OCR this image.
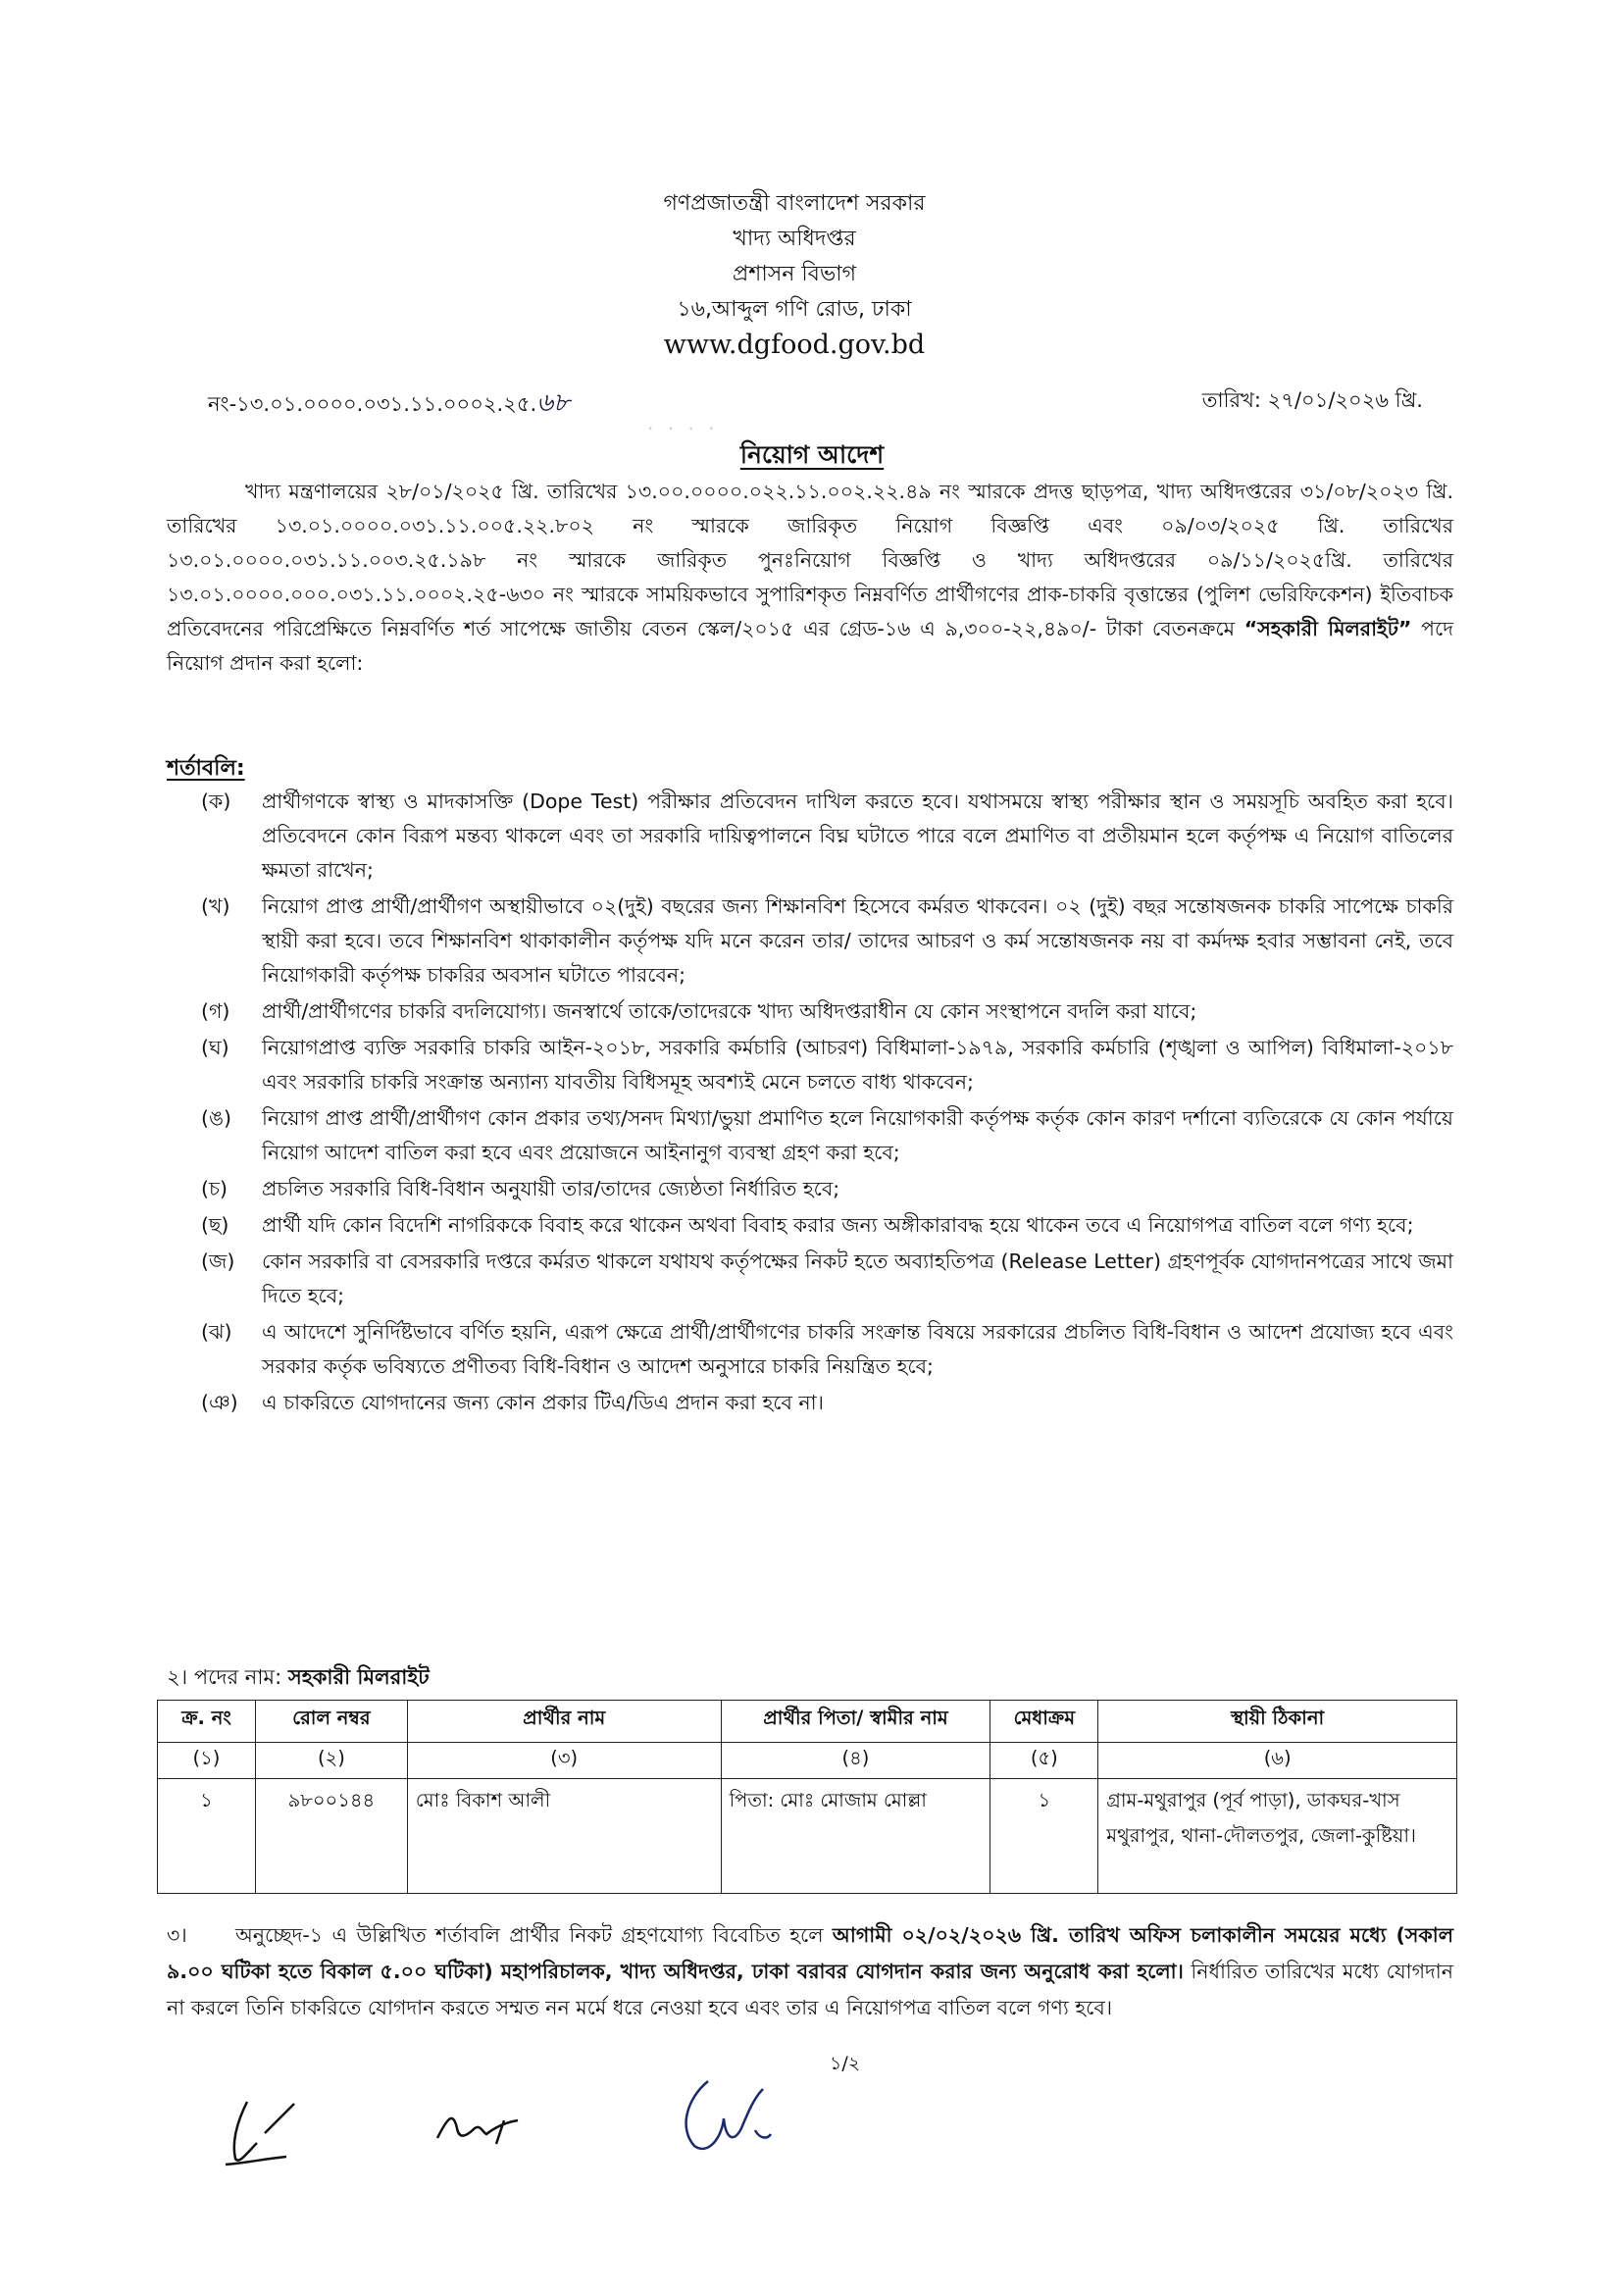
গণপ্রজাতন্ত্রী বাংলাদেশ সরকার
খাদ্য অধিদপ্তর
প্রশাসন বিভাগ
১৬,আব্দুল গণি রোড, ঢাকা
www.dgfood.gov.bd
নং-১৩.০১.০০০০.০৩১.১১.০০০২.২৫.৬৮	তারিখ: ২৭/০১/২০২৬ খ্রি.
· · · ·
নিয়োগ আদেশ
খাদ্য মন্ত্রণালয়ের ২৮/০১/২০২৫ খ্রি. তারিখের ১৩.০০.০০০০.০২২.১১.০০২.২২.৪৯ নং স্মারকে প্রদত্ত ছাড়পত্র, খাদ্য অধিদপ্তরের ৩১/০৮/২০২৩ খ্রি. তারিখের ১৩.০১.০০০০.০৩১.১১.০০৫.২২.৮০২ নং স্মারকে জারিকৃত নিয়োগ বিজ্ঞপ্তি এবং ০৯/০৩/২০২৫ খ্রি. তারিখের ১৩.০১.০০০০.০৩১.১১.০০৩.২৫.১৯৮ নং স্মারকে জারিকৃত পুনঃনিয়োগ বিজ্ঞপ্তি ও খাদ্য অধিদপ্তরের ০৯/১১/২০২৫খ্রি. তারিখের ১৩.০১.০০০০.০০০.০৩১.১১.০০০২.২৫-৬৩০ নং স্মারকে সাময়িকভাবে সুপারিশকৃত নিম্নবর্ণিত প্রার্থীগণের প্রাক-চাকরি বৃত্তান্তের (পুলিশ ভেরিফিকেশন) ইতিবাচক প্রতিবেদনের পরিপ্রেক্ষিতে নিম্নবর্ণিত শর্ত সাপেক্ষে জাতীয় বেতন স্কেল/২০১৫ এর গ্রেড-১৬ এ ৯,৩০০-২২,৪৯০/- টাকা বেতনক্রমে “সহকারী মিলরাইট” পদে নিয়োগ প্রদান করা হলো:
শর্তাবলি:
(ক)	প্রার্থীগণকে স্বাস্থ্য ও মাদকাসক্তি (Dope Test) পরীক্ষার প্রতিবেদন দাখিল করতে হবে। যথাসময়ে স্বাস্থ্য পরীক্ষার স্থান ও সময়সূচি অবহিত করা হবে। প্রতিবেদনে কোন বিরূপ মন্তব্য থাকলে এবং তা সরকারি দায়িত্বপালনে বিঘ্ন ঘটাতে পারে বলে প্রমাণিত বা প্রতীয়মান হলে কর্তৃপক্ষ এ নিয়োগ বাতিলের ক্ষমতা রাখেন;
(খ)	নিয়োগ প্রাপ্ত প্রার্থী/প্রার্থীগণ অস্থায়ীভাবে ০২(দুই) বছরের জন্য শিক্ষানবিশ হিসেবে কর্মরত থাকবেন। ০২ (দুই) বছর সন্তোষজনক চাকরি সাপেক্ষে চাকরি স্থায়ী করা হবে। তবে শিক্ষানবিশ থাকাকালীন কর্তৃপক্ষ যদি মনে করেন তার/ তাদের আচরণ ও কর্ম সন্তোষজনক নয় বা কর্মদক্ষ হবার সম্ভাবনা নেই, তবে নিয়োগকারী কর্তৃপক্ষ চাকরির অবসান ঘটাতে পারবেন;
(গ)	প্রার্থী/প্রার্থীগণের চাকরি বদলিযোগ্য। জনস্বার্থে তাকে/তাদেরকে খাদ্য অধিদপ্তরাধীন যে কোন সংস্থাপনে বদলি করা যাবে;
(ঘ)	নিয়োগপ্রাপ্ত ব্যক্তি সরকারি চাকরি আইন-২০১৮, সরকারি কর্মচারি (আচরণ) বিধিমালা-১৯৭৯, সরকারি কর্মচারি (শৃঙ্খলা ও আপিল) বিধিমালা-২০১৮ এবং সরকারি চাকরি সংক্রান্ত অন্যান্য যাবতীয় বিধিসমূহ অবশ্যই মেনে চলতে বাধ্য থাকবেন;
(ঙ)	নিয়োগ প্রাপ্ত প্রার্থী/প্রার্থীগণ কোন প্রকার তথ্য/সনদ মিথ্যা/ভুয়া প্রমাণিত হলে নিয়োগকারী কর্তৃপক্ষ কর্তৃক কোন কারণ দর্শানো ব্যতিরেকে যে কোন পর্যায়ে নিয়োগ আদেশ বাতিল করা হবে এবং প্রয়োজনে আইনানুগ ব্যবস্থা গ্রহণ করা হবে;
(চ)	প্রচলিত সরকারি বিধি-বিধান অনুযায়ী তার/তাদের জ্যেষ্ঠতা নির্ধারিত হবে;
(ছ)	প্রার্থী যদি কোন বিদেশি নাগরিককে বিবাহ করে থাকেন অথবা বিবাহ করার জন্য অঙ্গীকারাবদ্ধ হয়ে থাকেন তবে এ নিয়োগপত্র বাতিল বলে গণ্য হবে;
(জ)	কোন সরকারি বা বেসরকারি দপ্তরে কর্মরত থাকলে যথাযথ কর্তৃপক্ষের নিকট হতে অব্যাহতিপত্র (Release Letter) গ্রহণপূর্বক যোগদানপত্রের সাথে জমা দিতে হবে;
(ঝ)	এ আদেশে সুনির্দিষ্টভাবে বর্ণিত হয়নি, এরূপ ক্ষেত্রে প্রার্থী/প্রার্থীগণের চাকরি সংক্রান্ত বিষয়ে সরকারের প্রচলিত বিধি-বিধান ও আদেশ প্রযোজ্য হবে এবং সরকার কর্তৃক ভবিষ্যতে প্রণীতব্য বিধি-বিধান ও আদেশ অনুসারে চাকরি নিয়ন্ত্রিত হবে;
(ঞ)	এ চাকরিতে যোগদানের জন্য কোন প্রকার টিএ/ডিএ প্রদান করা হবে না।
২। পদের নাম: সহকারী মিলরাইট
ক্র. নং	রোল নম্বর	প্রার্থীর নাম	প্রার্থীর পিতা/ স্বামীর নাম	মেধাক্রম	স্থায়ী ঠিকানা
(১)	(২)	(৩)	(৪)	(৫)	(৬)
১	৯৮০০১৪৪	মোঃ বিকাশ আলী	পিতা: মোঃ মোজাম মোল্লা	১	গ্রাম-মথুরাপুর (পূর্ব পাড়া), ডাকঘর-খাস মথুরাপুর, থানা-দৌলতপুর, জেলা-কুষ্টিয়া।
৩। অনুচ্ছেদ-১ এ উল্লিখিত শর্তাবলি প্রার্থীর নিকট গ্রহণযোগ্য বিবেচিত হলে আগামী ০২/০২/২০২৬ খ্রি. তারিখ অফিস চলাকালীন সময়ের মধ্যে (সকাল ৯.০০ ঘটিকা হতে বিকাল ৫.০০ ঘটিকা) মহাপরিচালক, খাদ্য অধিদপ্তর, ঢাকা বরাবর যোগদান করার জন্য অনুরোধ করা হলো। নির্ধারিত তারিখের মধ্যে যোগদান না করলে তিনি চাকরিতে যোগদান করতে সম্মত নন মর্মে ধরে নেওয়া হবে এবং তার এ নিয়োগপত্র বাতিল বলে গণ্য হবে।
১/২
